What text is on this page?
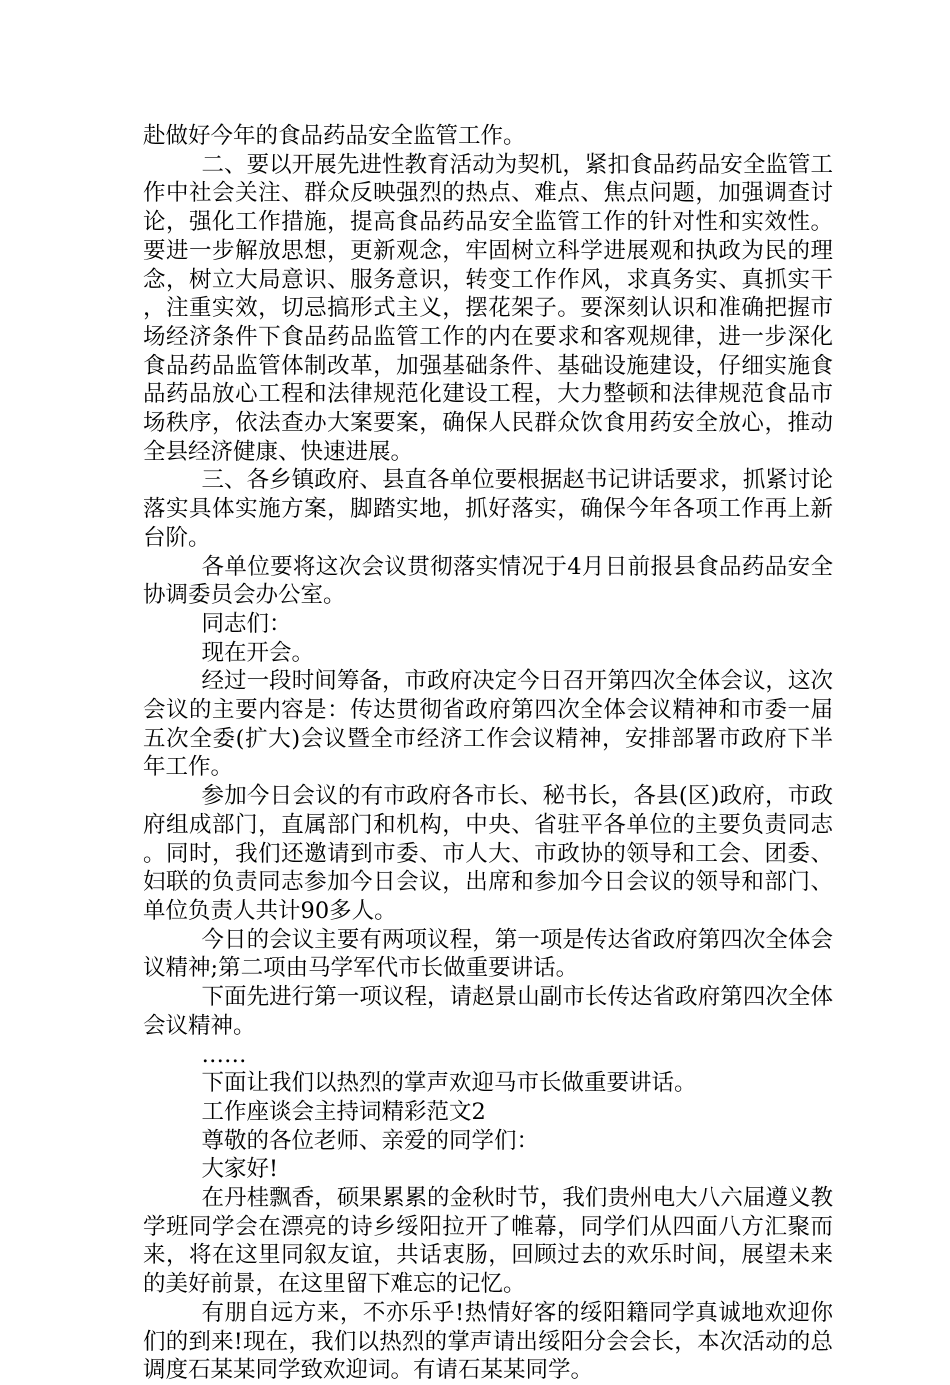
赴做好今年的食品药品安全监管工作。

二、要以开展先进性教育活动为契机，紧扣食品药品安全监管工作中社会关注、群众反映强烈的热点、难点、焦点问题，加强调查讨论，强化工作措施，提高食品药品安全监管工作的针对性和实效性。要进一步解放思想，更新观念，牢固树立科学进展观和执政为民的理念，树立大局意识、服务意识，转变工作作风，求真务实、真抓实干，注重实效，切忌搞形式主义，摆花架子。要深刻认识和准确把握市场经济条件下食品药品监管工作的内在要求和客观规律，进一步深化食品药品监管体制改革，加强基础条件、基础设施建设，仔细实施食品药品放心工程和法律规范化建设工程，大力整顿和法律规范食品市场秩序，依法查办大案要案，确保人民群众饮食用药安全放心，推动全县经济健康、快速进展。

三、各乡镇政府、县直各单位要根据赵书记讲话要求，抓紧讨论落实具体实施方案，脚踏实地，抓好落实，确保今年各项工作再上新台阶。

各单位要将这次会议贯彻落实情况于4月日前报县食品药品安全协调委员会办公室。

同志们：

现在开会。

经过一段时间筹备，市政府决定今日召开第四次全体会议，这次会议的主要内容是：传达贯彻省政府第四次全体会议精神和市委一届五次全委(扩大)会议暨全市经济工作会议精神，安排部署市政府下半年工作。

参加今日会议的有市政府各市长、秘书长，各县(区)政府，市政府组成部门，直属部门和机构，中央、省驻平各单位的主要负责同志。同时，我们还邀请到市委、市人大、市政协的领导和工会、团委、妇联的负责同志参加今日会议，出席和参加今日会议的领导和部门、单位负责人共计90多人。

今日的会议主要有两项议程，第一项是传达省政府第四次全体会议精神;第二项由马学军代市长做重要讲话。

下面先进行第一项议程，请赵景山副市长传达省政府第四次全体会议精神。

……

下面让我们以热烈的掌声欢迎马市长做重要讲话。

工作座谈会主持词精彩范文2

尊敬的各位老师、亲爱的同学们：

大家好!

在丹桂飘香，硕果累累的金秋时节，我们贵州电大八六届遵义教学班同学会在漂亮的诗乡绥阳拉开了帷幕，同学们从四面八方汇聚而来，将在这里同叙友谊，共话衷肠，回顾过去的欢乐时间，展望未来的美好前景，在这里留下难忘的记忆。

有朋自远方来，不亦乐乎!热情好客的绥阳籍同学真诚地欢迎你们的到来!现在，我们以热烈的掌声请出绥阳分会会长，本次活动的总调度石某某同学致欢迎词。有请石某某同学。
